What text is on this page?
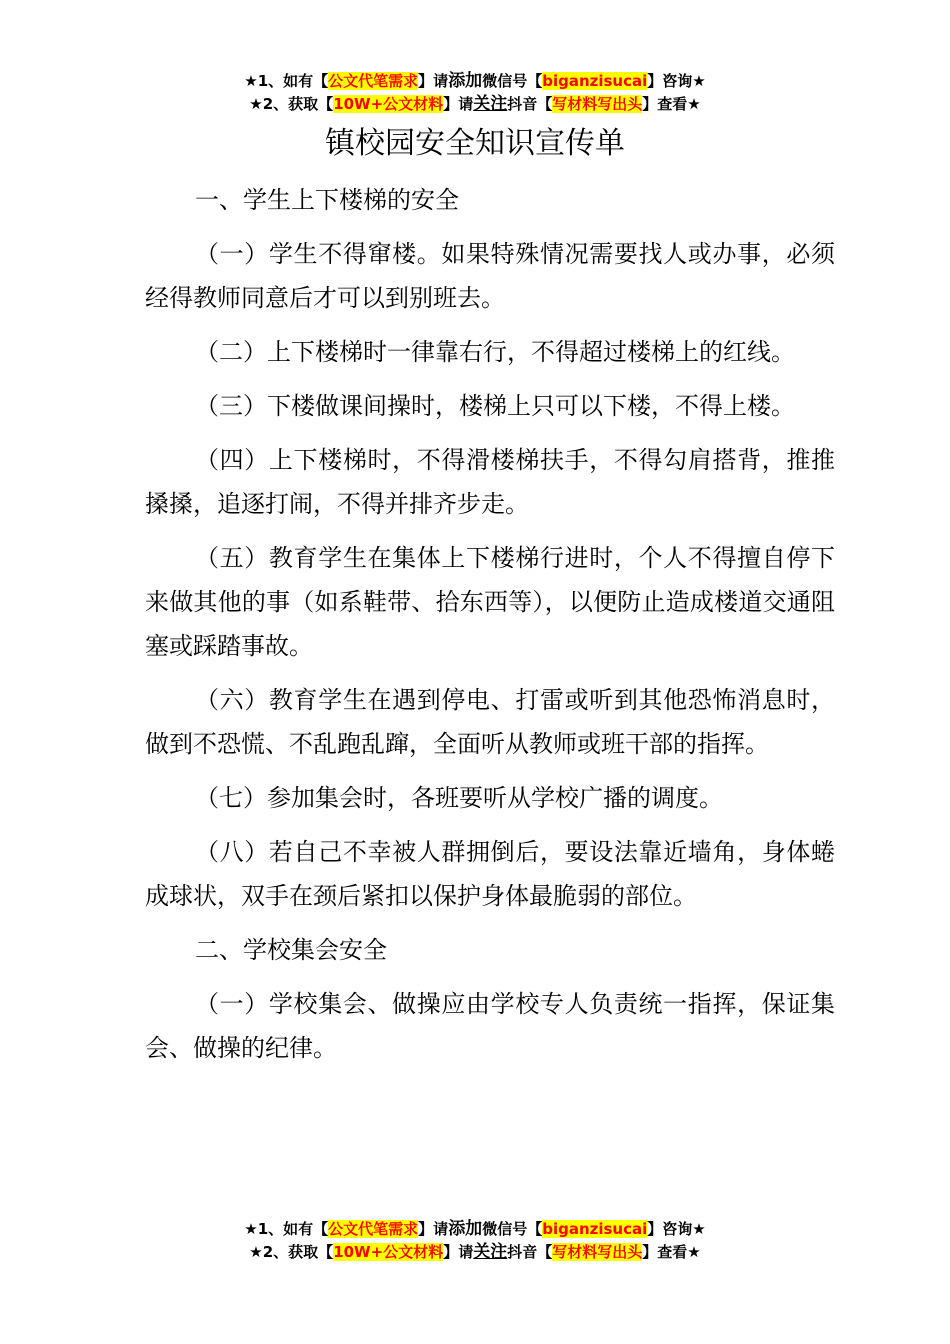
★1、如有【公文代笔需求】请添加微信号【biganzisucai】咨询★
★2、获取【10W+公文材料】请关注抖音【写材料写出头】查看★
镇校园安全知识宣传单

一、学生上下楼梯的安全

（一）学生不得窜楼。如果特殊情况需要找人或办事，必须经得教师同意后才可以到别班去。

（二）上下楼梯时一律靠右行，不得超过楼梯上的红线。

（三）下楼做课间操时，楼梯上只可以下楼，不得上楼。

（四）上下楼梯时，不得滑楼梯扶手，不得勾肩搭背，推推搡搡，追逐打闹，不得并排齐步走。

（五）教育学生在集体上下楼梯行进时，个人不得擅自停下来做其他的事（如系鞋带、拾东西等），以便防止造成楼道交通阻塞或踩踏事故。

（六）教育学生在遇到停电、打雷或听到其他恐怖消息时，做到不恐慌、不乱跑乱蹿，全面听从教师或班干部的指挥。

（七）参加集会时，各班要听从学校广播的调度。

（八）若自己不幸被人群拥倒后，要设法靠近墙角，身体蜷成球状，双手在颈后紧扣以保护身体最脆弱的部位。

二、学校集会安全

（一）学校集会、做操应由学校专人负责统一指挥，保证集会、做操的纪律。

★1、如有【公文代笔需求】请添加微信号【biganzisucai】咨询★
★2、获取【10W+公文材料】请关注抖音【写材料写出头】查看★
